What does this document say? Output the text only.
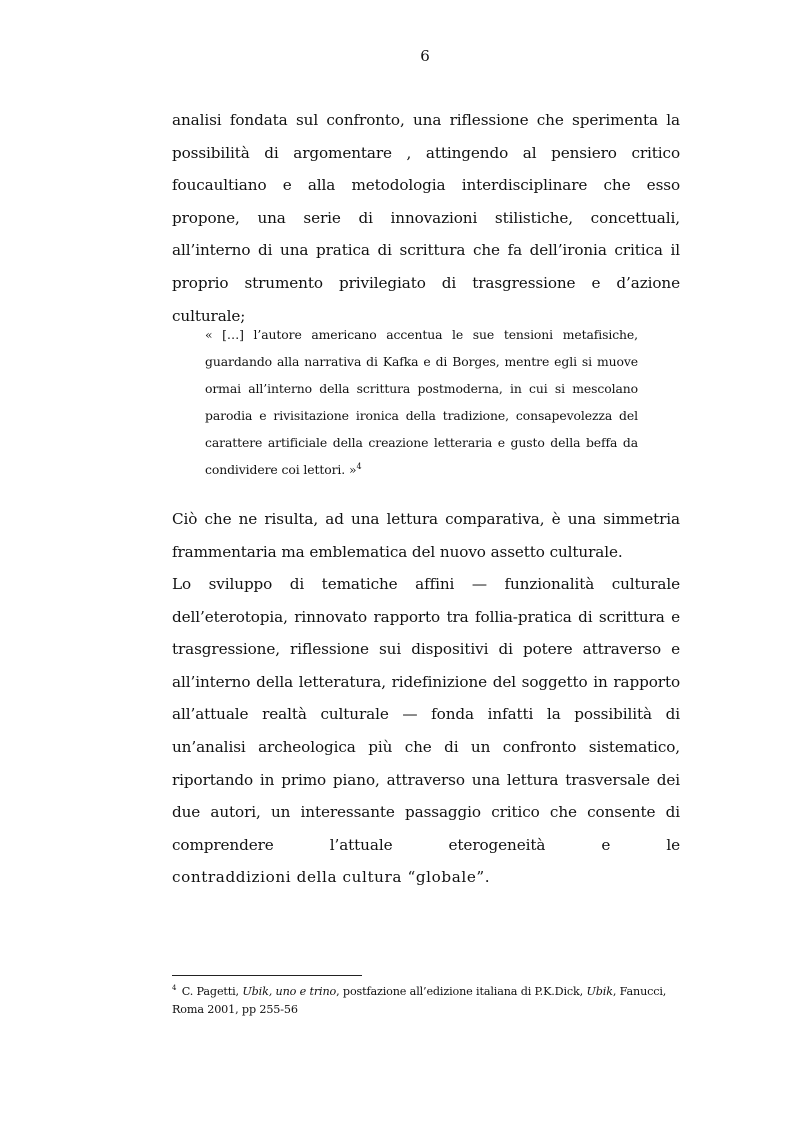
6

analisi fondata sul confronto, una riflessione che sperimenta la possibilità di argomentare , attingendo al pensiero critico foucaultiano e alla metodologia interdisciplinare che esso propone, una serie di innovazioni stilistiche, concettuali, all’interno di una pratica di scrittura che fa dell’ironia critica il proprio strumento privilegiato di trasgressione e d’azione culturale;

« […] l’autore americano accentua le sue tensioni metafisiche, guardando alla narrativa di Kafka e di Borges, mentre egli si muove ormai all’interno della scrittura postmoderna, in cui si mescolano parodia e rivisitazione ironica della tradizione, consapevolezza del carattere artificiale della creazione letteraria e gusto della beffa da condividere coi lettori. »$^4$

Ciò che ne risulta, ad una lettura comparativa, è una simmetria frammentaria ma emblematica del nuovo assetto culturale.

Lo sviluppo di tematiche affini — funzionalità culturale dell’eterotopia, rinnovato rapporto tra follia-pratica di scrittura e trasgressione, riflessione sui dispositivi di potere attraverso e all’interno della letteratura, ridefinizione del soggetto in rapporto all’attuale realtà culturale — fonda infatti la possibilità di un’analisi archeologica più che di un confronto sistematico, riportando in primo piano, attraverso una lettura trasversale dei due autori, un interessante passaggio critico che consente di comprendere l’attuale eterogeneità e le
contraddizioni della cultura “globale”.
$^4$ C. Pagetti, Ubik, uno e trino, postfazione all’edizione italiana di P.K.Dick, Ubik, Fanucci, Roma 2001, pp 255-56
